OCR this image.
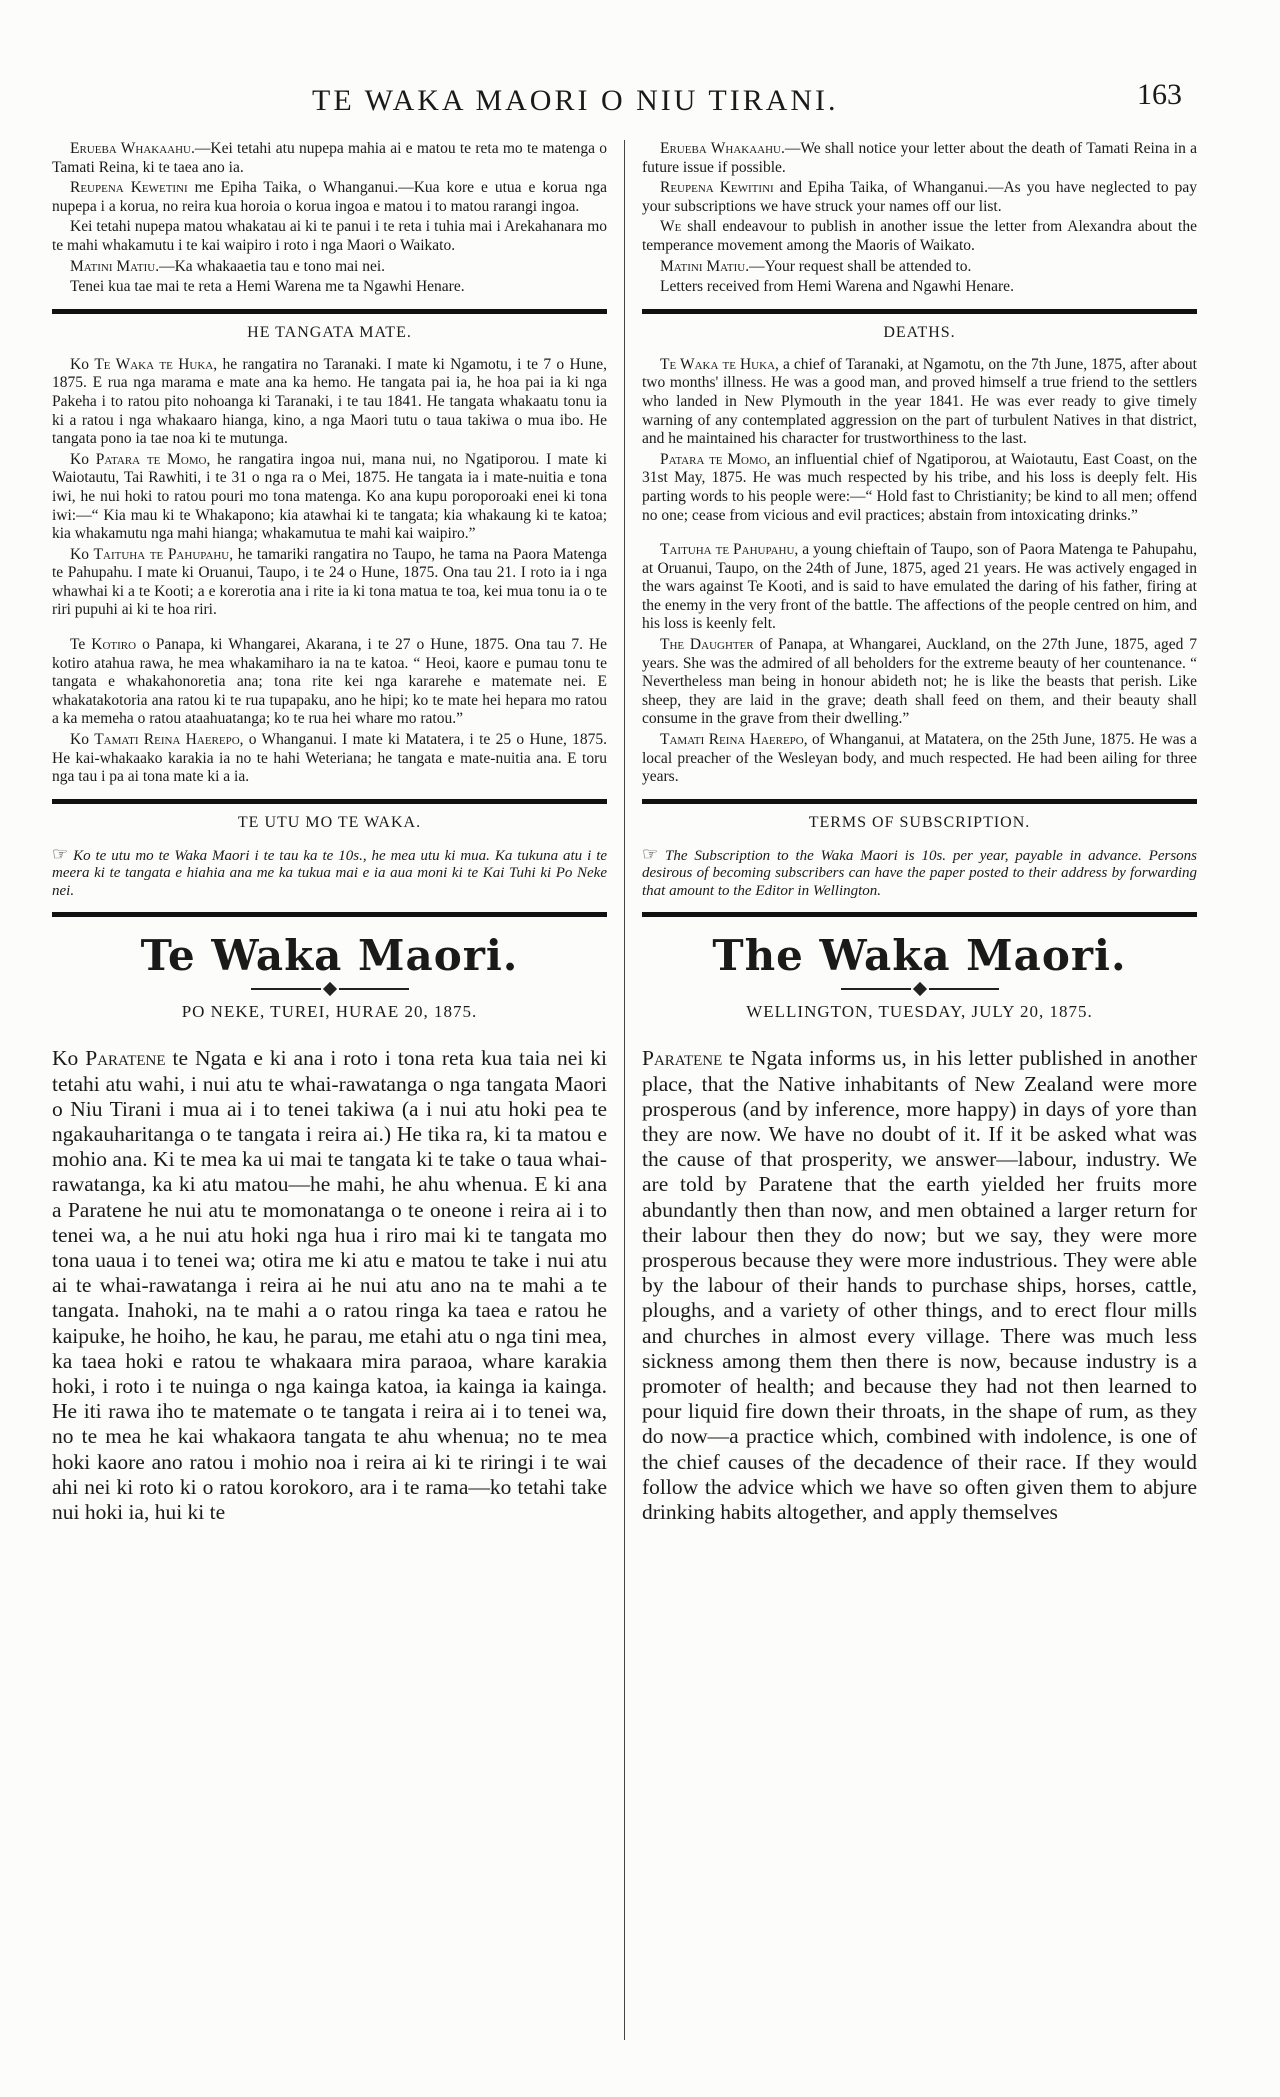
TE WAKA MAORI O NIU TIRANI.	163

Erueba Whakaahu.—Kei tetahi atu nupepa mahia ai e matou te reta mo te matenga o Tamati Reina, ki te taea ano ia.

Reupena Kewetini me Epiha Taika, o Whanganui.—Kua kore e utua e korua nga nupepa i a korua, no reira kua horoia o korua ingoa e matou i to matou rarangi ingoa.

Kei tetahi nupepa matou whakatau ai ki te panui i te reta i tuhia mai i Arekahanara mo te mahi whakamutu i te kai waipiro i roto i nga Maori o Waikato.

Matini Matiu.—Ka whakaaetia tau e tono mai nei.

Tenei kua tae mai te reta a Hemi Warena me ta Ngawhi Henare.

HE TANGATA MATE.

Ko Te Waka te Huka, he rangatira no Taranaki. I mate ki Ngamotu, i te 7 o Hune, 1875. E rua nga marama e mate ana ka hemo. He tangata pai ia, he hoa pai ia ki nga Pakeha i to ratou pito nohoanga ki Taranaki, i te tau 1841. He tangata whakaatu tonu ia ki a ratou i nga whakaaro hianga, kino, a nga Maori tutu o taua takiwa o mua ibo. He tangata pono ia tae noa ki te mutunga.

Ko Patara te Momo, he rangatira ingoa nui, mana nui, no Ngatiporou. I mate ki Waiotautu, Tai Rawhiti, i te 31 o nga ra o Mei, 1875. He tangata ia i mate-nuitia e tona iwi, he nui hoki to ratou pouri mo tona matenga. Ko ana kupu poroporoaki enei ki tona iwi:—“ Kia mau ki te Whakapono; kia atawhai ki te tangata; kia whakaung ki te katoa; kia whakamutu nga mahi hianga; whakamutua te mahi kai waipiro.”

Ko Taituha te Pahupahu, he tamariki rangatira no Taupo, he tama na Paora Matenga te Pahupahu. I mate ki Oruanui, Taupo, i te 24 o Hune, 1875. Ona tau 21. I roto ia i nga whawhai ki a te Kooti; a e korerotia ana i rite ia ki tona matua te toa, kei mua tonu ia o te riri pupuhi ai ki te hoa riri.

Te Kotiro o Panapa, ki Whangarei, Akarana, i te 27 o Hune, 1875. Ona tau 7. He kotiro atahua rawa, he mea whakamiharo ia na te katoa. “ Heoi, kaore e pumau tonu te tangata e whakahonoretia ana; tona rite kei nga kararehe e matemate nei. E whakatakotoria ana ratou ki te rua tupapaku, ano he hipi; ko te mate hei hepara mo ratou a ka memeha o ratou ataahuatanga; ko te rua hei whare mo ratou.”

Ko Tamati Reina Haerepo, o Whanganui. I mate ki Matatera, i te 25 o Hune, 1875. He kai-whakaako karakia ia no te hahi Weteriana; he tangata e mate-nuitia ana. E toru nga tau i pa ai tona mate ki a ia.

TE UTU MO TE WAKA.

☞ Ko te utu mo te Waka Maori i te tau ka te 10s., he mea utu ki mua. Ka tukuna atu i te meera ki te tangata e hiahia ana me ka tukua mai e ia aua moni ki te Kai Tuhi ki Po Neke nei.

Te Waka Maori.
PO NEKE, TUREI, HURAE 20, 1875.

Ko Paratene te Ngata e ki ana i roto i tona reta kua taia nei ki tetahi atu wahi, i nui atu te whai-rawatanga o nga tangata Maori o Niu Tirani i mua ai i to tenei takiwa (a i nui atu hoki pea te ngakauharitanga o te tangata i reira ai.) He tika ra, ki ta matou e mohio ana. Ki te mea ka ui mai te tangata ki te take o taua whai-rawatanga, ka ki atu matou—he mahi, he ahu whenua. E ki ana a Paratene he nui atu te momonatanga o te oneone i reira ai i to tenei wa, a he nui atu hoki nga hua i riro mai ki te tangata mo tona uaua i to tenei wa; otira me ki atu e matou te take i nui atu ai te whai-rawatanga i reira ai he nui atu ano na te mahi a te tangata. Inahoki, na te mahi a o ratou ringa ka taea e ratou he kaipuke, he hoiho, he kau, he parau, me etahi atu o nga tini mea, ka taea hoki e ratou te whakaara mira paraoa, whare karakia hoki, i roto i te nuinga o nga kainga katoa, ia kainga ia kainga. He iti rawa iho te matemate o te tangata i reira ai i to tenei wa, no te mea he kai whakaora tangata te ahu whenua; no te mea hoki kaore ano ratou i mohio noa i reira ai ki te riringi i te wai ahi nei ki roto ki o ratou korokoro, ara i te rama—ko tetahi take nui hoki ia, hui ki te

Erueba Whakaahu.—We shall notice your letter about the death of Tamati Reina in a future issue if possible.

Reupena Kewitini and Epiha Taika, of Whanganui.—As you have neglected to pay your subscriptions we have struck your names off our list.

We shall endeavour to publish in another issue the letter from Alexandra about the temperance movement among the Maoris of Waikato.

Matini Matiu.—Your request shall be attended to.

Letters received from Hemi Warena and Ngawhi Henare.

DEATHS.

Te Waka te Huka, a chief of Taranaki, at Ngamotu, on the 7th June, 1875, after about two months' illness. He was a good man, and proved himself a true friend to the settlers who landed in New Plymouth in the year 1841. He was ever ready to give timely warning of any contemplated aggression on the part of turbulent Natives in that district, and he maintained his character for trustworthiness to the last.

Patara te Momo, an influential chief of Ngatiporou, at Waiotautu, East Coast, on the 31st May, 1875. He was much respected by his tribe, and his loss is deeply felt. His parting words to his people were:—“ Hold fast to Christianity; be kind to all men; offend no one; cease from vicious and evil practices; abstain from intoxicating drinks.”

Taituha te Pahupahu, a young chieftain of Taupo, son of Paora Matenga te Pahupahu, at Oruanui, Taupo, on the 24th of June, 1875, aged 21 years. He was actively engaged in the wars against Te Kooti, and is said to have emulated the daring of his father, firing at the enemy in the very front of the battle. The affections of the people centred on him, and his loss is keenly felt.

The Daughter of Panapa, at Whangarei, Auckland, on the 27th June, 1875, aged 7 years. She was the admired of all beholders for the extreme beauty of her countenance. “ Nevertheless man being in honour abideth not; he is like the beasts that perish. Like sheep, they are laid in the grave; death shall feed on them, and their beauty shall consume in the grave from their dwelling.”

Tamati Reina Haerepo, of Whanganui, at Matatera, on the 25th June, 1875. He was a local preacher of the Wesleyan body, and much respected. He had been ailing for three years.

TERMS OF SUBSCRIPTION.

☞ The Subscription to the Waka Maori is 10s. per year, payable in advance. Persons desirous of becoming subscribers can have the paper posted to their address by forwarding that amount to the Editor in Wellington.

The Waka Maori.
WELLINGTON, TUESDAY, JULY 20, 1875.

Paratene te Ngata informs us, in his letter published in another place, that the Native inhabitants of New Zealand were more prosperous (and by inference, more happy) in days of yore than they are now. We have no doubt of it. If it be asked what was the cause of that prosperity, we answer—labour, industry. We are told by Paratene that the earth yielded her fruits more abundantly then than now, and men obtained a larger return for their labour then they do now; but we say, they were more prosperous because they were more industrious. They were able by the labour of their hands to purchase ships, horses, cattle, ploughs, and a variety of other things, and to erect flour mills and churches in almost every village. There was much less sickness among them then there is now, because industry is a promoter of health; and because they had not then learned to pour liquid fire down their throats, in the shape of rum, as they do now—a practice which, combined with indolence, is one of the chief causes of the decadence of their race. If they would follow the advice which we have so often given them to abjure drinking habits altogether, and apply themselves
